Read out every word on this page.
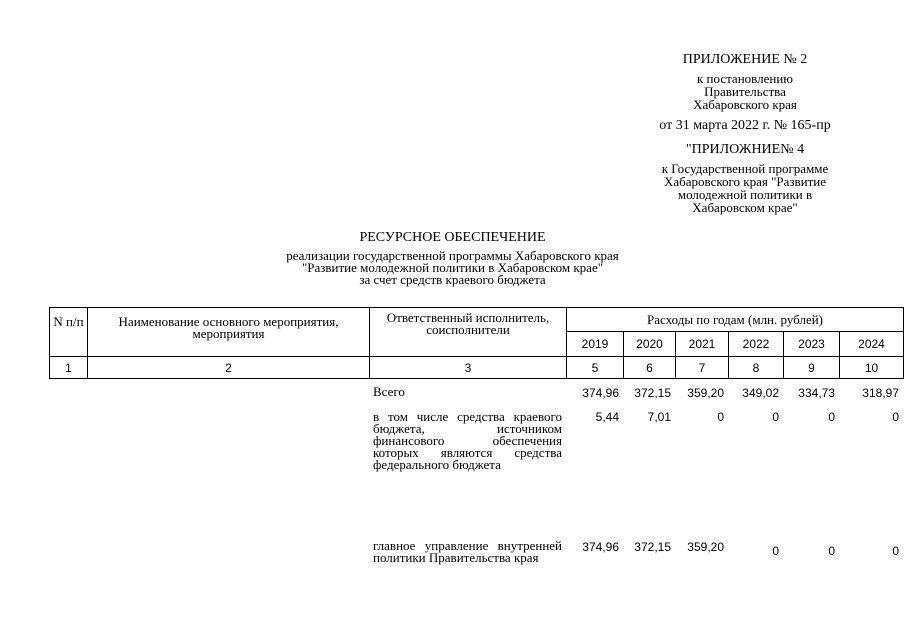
ПРИЛОЖЕНИЕ № 2
к постановлению
Правительства
Хабаровского края
от 31 марта 2022 г. № 165-пр
"ПРИЛОЖНИЕ№ 4
к Государственной программе
Хабаровского края "Развитие
молодежной политики в
Хабаровском крае"
РЕСУРСНОЕ ОБЕСПЕЧЕНИЕ
реализации государственной программы Хабаровского края
"Развитие молодежной политики в Хабаровском крае"
за счет средств краевого бюджета
N п/п	Наименование основного мероприятия, мероприятия	Ответственный исполнитель, соисполнители	Расходы по годам (млн. рублей)					
			2019	2020	2021	2022	2023	2024
1	2	3	5	6	7	8	9	10
		Всего	374,96	372,15	359,20	349,02	334,73	318,97
		в том числе средства краевого бюджета, источником финансового обеспечения которых являются средства федерального бюджета	5,44	7,01	0	0	0	0
		главное управление внутренней политики Правительства края	374,96	372,15	359,20	0	0	0
